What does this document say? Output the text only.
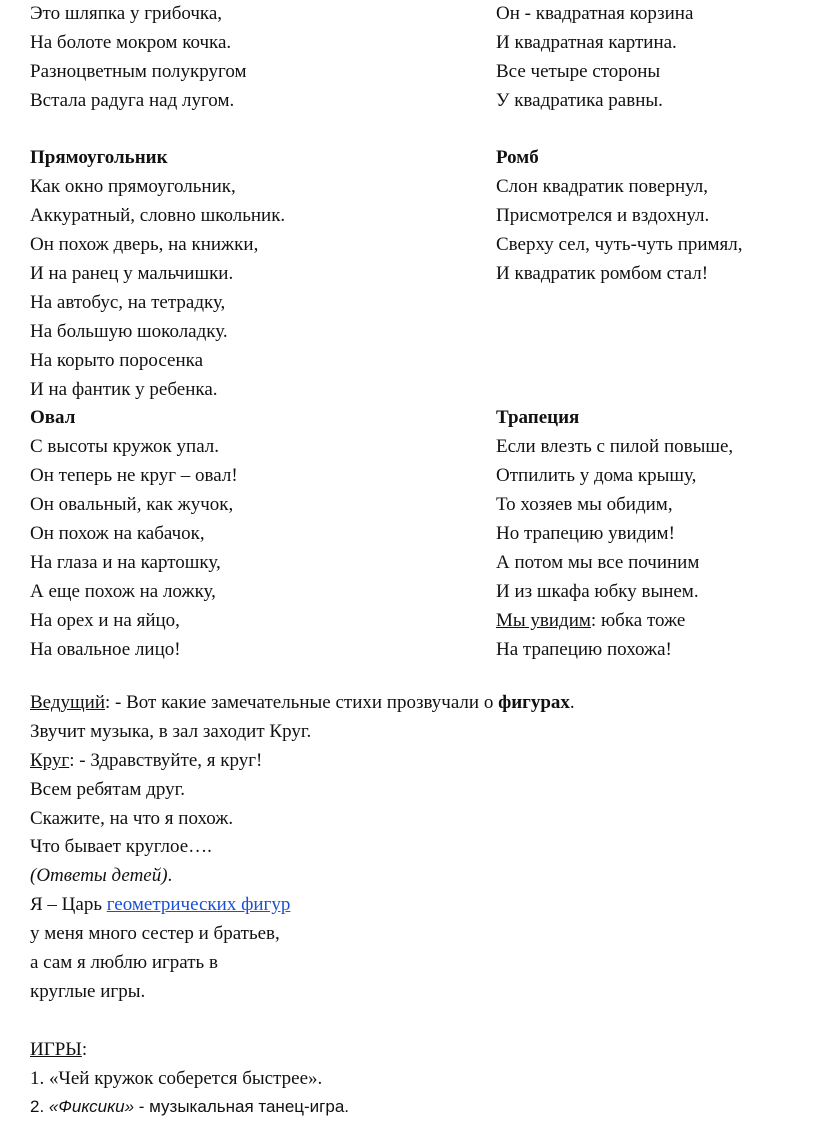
Это шляпка у грибочка,
На болоте мокром кочка.
Разноцветным полукругом
Встала радуга над лугом.
Прямоугольник
Как окно прямоугольник,
Аккуратный, словно школьник.
Он похож дверь, на книжки,
И на ранец у мальчишки.
На автобус, на тетрадку,
На большую шоколадку.
На корыто поросенка
И на фантик у ребенка.
Овал
С высоты кружок упал.
Он теперь не круг – овал!
Он овальный, как жучок,
Он похож на кабачок,
На глаза и на картошку,
А еще похож на ложку,
На орех и на яйцо,
На овальное лицо!
Он - квадратная корзина
И квадратная картина.
Все четыре стороны
У квадратика равны.
Ромб
Слон квадратик повернул,
Присмотрелся и вздохнул.
Сверху сел, чуть-чуть примял,
И квадратик ромбом стал!
Трапеция
Если влезть с пилой повыше,
Отпилить у дома крышу,
То хозяев мы обидим,
Но трапецию увидим!
А потом мы все починим
И из шкафа юбку вынем.
Мы увидим: юбка тоже
На трапецию похожа!
Ведущий: - Вот какие замечательные стихи прозвучали о фигурах.
Звучит музыка, в зал заходит Круг.
Круг: - Здравствуйте, я круг!
Всем ребятам друг.
Скажите, на что я похож.
Что бывает круглое….
(Ответы детей).
Я – Царь геометрических фигур
у меня много сестер и братьев,
а сам я люблю играть в
круглые игры.
ИГРЫ:
1. «Чей кружок соберется быстрее».
2. «Фиксики» - музыкальная танец-игра.
